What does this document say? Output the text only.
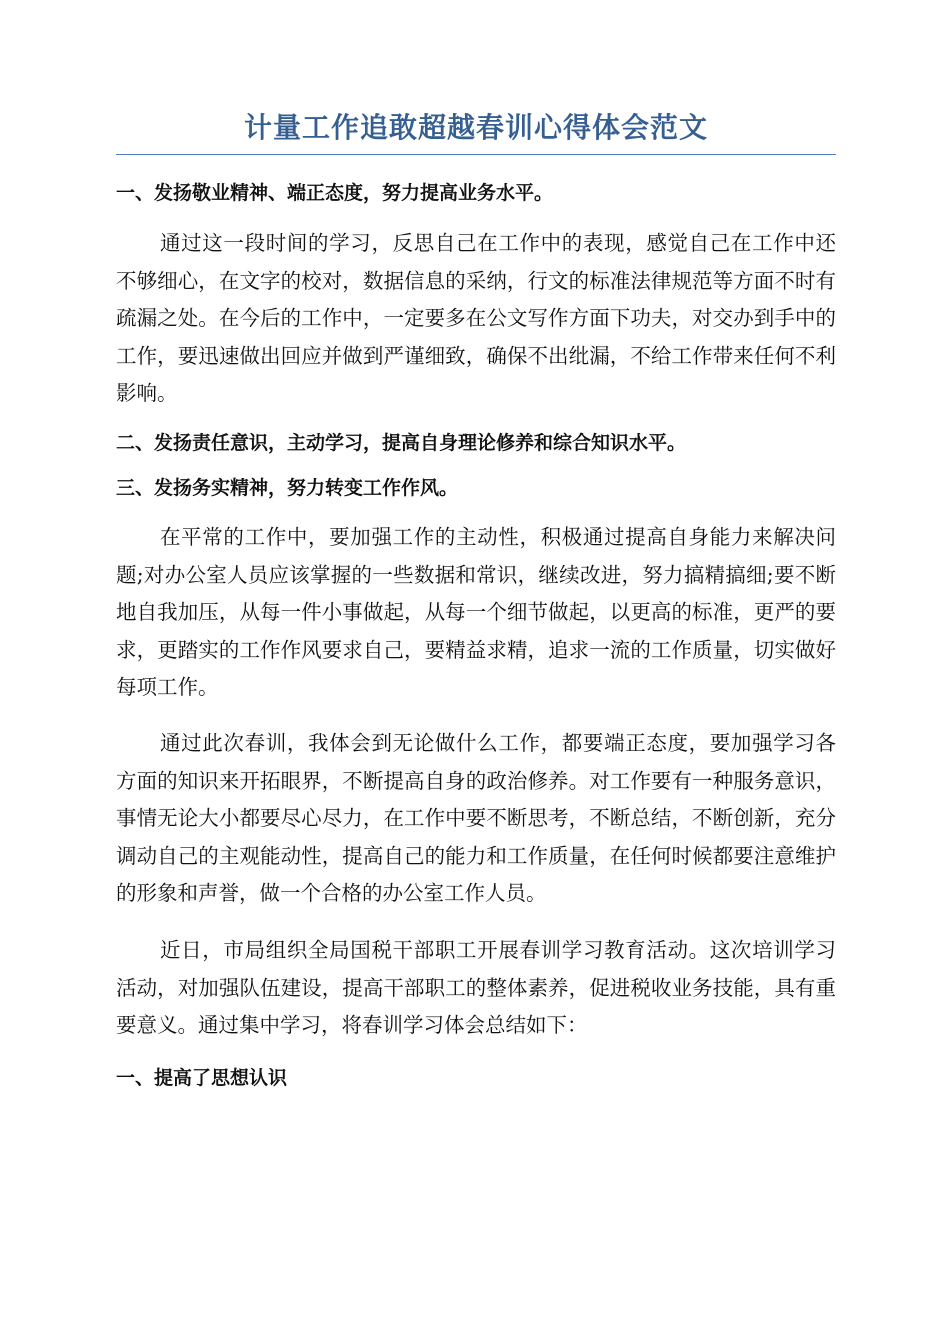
计量工作追敢超越春训心得体会范文

一、发扬敬业精神、端正态度，努力提高业务水平。

通过这一段时间的学习，反思自己在工作中的表现，感觉自己在工作中还不够细心，在文字的校对，数据信息的采纳，行文的标准法律规范等方面不时有疏漏之处。在今后的工作中，一定要多在公文写作方面下功夫，对交办到手中的工作，要迅速做出回应并做到严谨细致，确保不出纰漏，不给工作带来任何不利影响。

二、发扬责任意识，主动学习，提高自身理论修养和综合知识水平。

三、发扬务实精神，努力转变工作作风。

在平常的工作中，要加强工作的主动性，积极通过提高自身能力来解决问题;对办公室人员应该掌握的一些数据和常识，继续改进，努力搞精搞细;要不断地自我加压，从每一件小事做起，从每一个细节做起，以更高的标准，更严的要求，更踏实的工作作风要求自己，要精益求精，追求一流的工作质量，切实做好每项工作。

通过此次春训，我体会到无论做什么工作，都要端正态度，要加强学习各方面的知识来开拓眼界，不断提高自身的政治修养。对工作要有一种服务意识，事情无论大小都要尽心尽力，在工作中要不断思考，不断总结，不断创新，充分调动自己的主观能动性，提高自己的能力和工作质量，在任何时候都要注意维护的形象和声誉，做一个合格的办公室工作人员。

近日，市局组织全局国税干部职工开展春训学习教育活动。这次培训学习活动，对加强队伍建设，提高干部职工的整体素养，促进税收业务技能，具有重要意义。通过集中学习，将春训学习体会总结如下：

一、提高了思想认识
